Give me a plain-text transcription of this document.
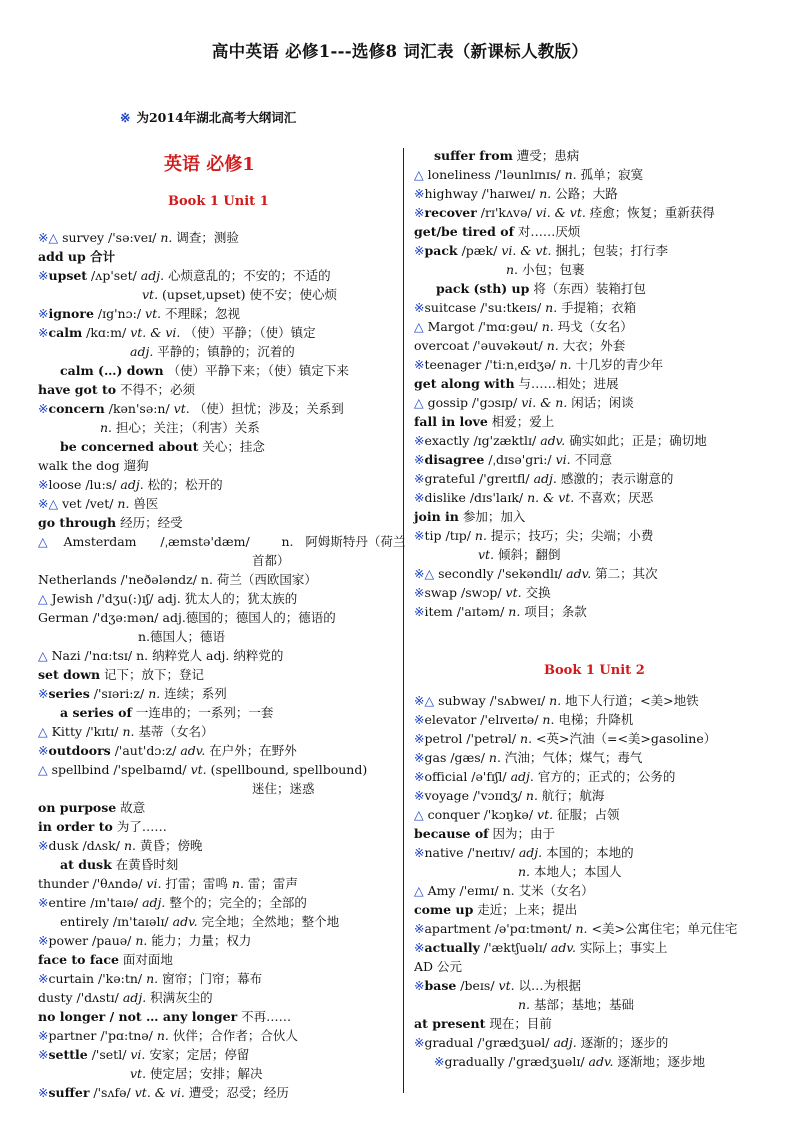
高中英语 必修1---选修8 词汇表（新课标人教版）
※ 为2014年湖北高考大纲词汇
英语 必修1
Book 1 Unit 1
※△ survey /'sə:veɪ/ n. 调查；测验
add up 合计
※upset /ʌp'set/ adj. 心烦意乱的；不安的；不适的
vt. (upset,upset) 使不安；使心烦
※ignore /ɪg'nɔ:/ vt. 不理睬；忽视
※calm /kɑ:m/ vt. & vi. （使）平静；（使）镇定
adj. 平静的；镇静的；沉着的
calm (…) down （使）平静下来；（使）镇定下来
have got to 不得不；必须
※concern /kən'sə:n/ vt. （使）担忧；涉及；关系到
n. 担心；关注；（利害）关系
be concerned about 关心；挂念
walk the dog 遛狗
※loose /lu:s/ adj. 松的；松开的
※△ vet /vet/ n. 兽医
go through 经历；经受
△    Amsterdam      /ˌæmstə'dæm/        n.   阿姆斯特丹（荷兰
首都）
Netherlands /'neðələndz/ n. 荷兰（西欧国家）
△ Jewish /'dʒu(:)ɪʃ/ adj. 犹太人的；犹太族的
German /'dʒə:mən/ adj.德国的；德国人的；德语的
n.德国人；德语
△ Nazi /'nɑ:tsɪ/ n. 纳粹党人 adj. 纳粹党的
set down 记下；放下；登记
※series /'sɪəri:z/ n. 连续；系列
a series of 一连串的；一系列；一套
△ Kitty /'kɪtɪ/ n. 基蒂（女名）
※outdoors /'aut'dɔ:z/ adv. 在户外；在野外
△ spellbind /'spelbaɪnd/ vt. (spellbound, spellbound)
迷住；迷惑
on purpose 故意
in order to 为了……
※dusk /dʌsk/ n. 黄昏；傍晚
at dusk 在黄昏时刻
thunder /'θʌndə/ vi. 打雷；雷鸣 n. 雷；雷声
※entire /ɪn'taɪə/ adj. 整个的；完全的；全部的
entirely /ɪn'taɪəlɪ/ adv. 完全地；全然地；整个地
※power /pauə/ n. 能力；力量；权力
face to face 面对面地
※curtain /'kə:tn/ n. 窗帘；门帘；幕布
dusty /'dʌstɪ/ adj. 积满灰尘的
no longer / not … any longer 不再……
※partner /'pɑ:tnə/ n. 伙伴；合作者；合伙人
※settle /'setl/ vi. 安家；定居；停留
vt. 使定居；安排；解决
※suffer /'sʌfə/ vt. & vi. 遭受；忍受；经历
suffer from 遭受；患病
△ loneliness /'ləunlɪnɪs/ n. 孤单；寂寞
※highway /'haɪweɪ/ n. 公路；大路
※recover /rɪ'kʌvə/ vi. & vt. 痊愈；恢复；重新获得
get/be tired of 对……厌烦
※pack /pæk/ vi. & vt. 捆扎；包装；打行李
n. 小包；包裹
pack (sth) up 将（东西）装箱打包
※suitcase /'su:tkeɪs/ n. 手提箱；衣箱
△ Margot /'mɑ:gəu/ n. 玛戈（女名）
overcoat /'əuvəkəut/ n. 大衣；外套
※teenager /'ti:nˌeɪdʒə/ n. 十几岁的青少年
get along with 与……相处；进展
△ gossip /'gɔsɪp/ vi. & n. 闲话；闲谈
fall in love 相爱；爱上
※exactly /ɪg'zæktlɪ/ adv. 确实如此；正是；确切地
※disagree /ˌdɪsə'gri:/ vi. 不同意
※grateful /'greɪtfl/ adj. 感激的；表示谢意的
※dislike /dɪs'laɪk/ n. & vt. 不喜欢；厌恶
join in 参加；加入
※tip /tɪp/ n. 提示；技巧；尖；尖端；小费
vt. 倾斜；翻倒
※△ secondly /'sekəndlɪ/ adv. 第二；其次
※swap /swɔp/ vt. 交换
※item /'aɪtəm/ n. 项目；条款
Book 1 Unit 2
※△ subway /'sʌbweɪ/ n. 地下人行道；<美>地铁
※elevator /'elɪveɪtə/ n. 电梯；升降机
※petrol /'petrəl/ n. <英>汽油（=<美>gasoline）
※gas /gæs/ n. 汽油；气体；煤气；毒气
※official /ə'fɪʃl/ adj. 官方的；正式的；公务的
※voyage /'vɔɪɪdʒ/ n. 航行；航海
△ conquer /'kɔŋkə/ vt. 征服；占领
because of 因为；由于
※native /'neɪtɪv/ adj. 本国的；本地的
n. 本地人；本国人
△ Amy /'eɪmɪ/ n. 艾米（女名）
come up 走近；上来；提出
※apartment /ə'pɑ:tmənt/ n. <美>公寓住宅；单元住宅
※actually /'æktʃuəlɪ/ adv. 实际上；事实上
AD 公元
※base /beɪs/ vt. 以…为根据
n. 基部；基地；基础
at present 现在；目前
※gradual /'grædʒuəl/ adj. 逐渐的；逐步的
※gradually /'grædʒuəlɪ/ adv. 逐渐地；逐步地
